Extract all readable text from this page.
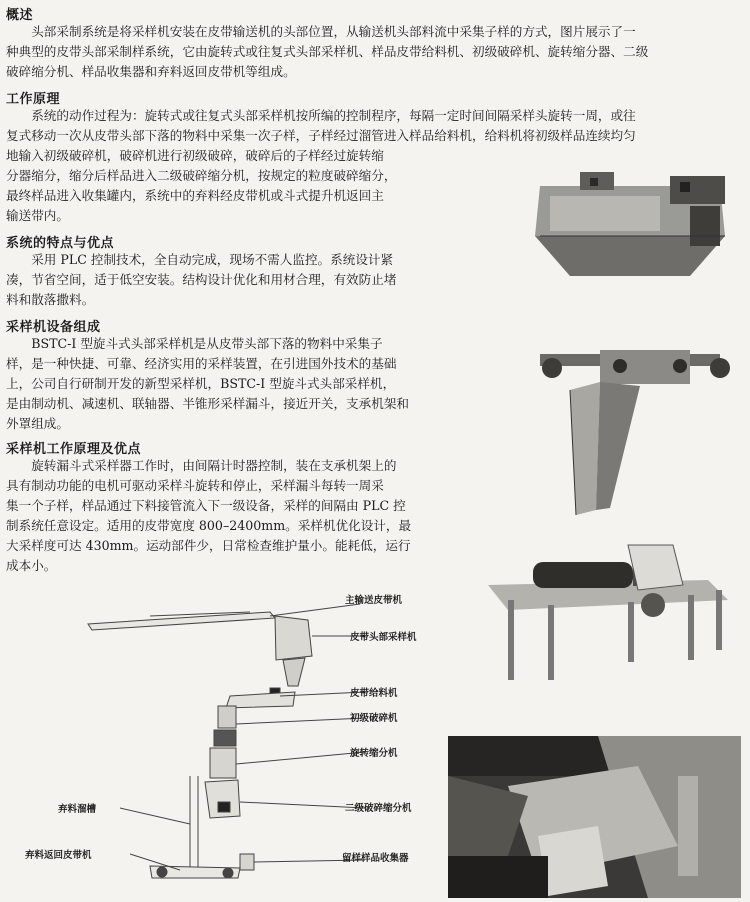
概述
头部采制系统是将采样机安装在皮带输送机的头部位置，从输送机头部料流中采集子样的方式，图片展示了一
种典型的皮带头部采制样系统，它由旋转式或往复式头部采样机、样品皮带给料机、初级破碎机、旋转缩分器、二级
破碎缩分机、样品收集器和弃料返回皮带机等组成。
工作原理
系统的动作过程为：旋转式或往复式头部采样机按所编的控制程序，每隔一定时间间隔采样头旋转一周，或往
复式移动一次从皮带头部下落的物料中采集一次子样，子样经过溜管进入样品给料机，给料机将初级样品连续均匀
地输入初级破碎机，破碎机进行初级破碎，破碎后的子样经过旋转缩
分器缩分，缩分后样品进入二级破碎缩分机，按规定的粒度破碎缩分，
最终样品进入收集罐内，系统中的弃料经皮带机或斗式提升机返回主
输送带内。
系统的特点与优点
采用 PLC 控制技术，全自动完成，现场不需人监控。系统设计紧
凑，节省空间，适于低空安装。结构设计优化和用材合理，有效防止堵
料和散落撒料。
采样机设备组成
BSTC-I 型旋斗式头部采样机是从皮带头部下落的物料中采集子
样，是一种快捷、可靠、经济实用的采样装置，在引进国外技术的基础
上，公司自行研制开发的新型采样机，BSTC-I 型旋斗式头部采样机，
是由制动机、减速机、联轴器、半锥形采样漏斗，接近开关，支承机架和
外罩组成。
采样机工作原理及优点
旋转漏斗式采样器工作时，由间隔计时器控制，装在支承机架上的
具有制动功能的电机可驱动采样斗旋转和停止，采样漏斗每转一周采
集一个子样，样品通过下料接管流入下一级设备，采样的间隔由 PLC 控
制系统任意设定。适用的皮带宽度 800–2400mm。采样机优化设计，最
大采样度可达 430mm。运动部件少，日常检查维护量小。能耗低，运行
成本小。
主输送皮带机
皮带头部采样机
皮带给料机
初级破碎机
旋转缩分机
二级破碎缩分机
弃料溜槽
弃料返回皮带机	留样样品收集器
